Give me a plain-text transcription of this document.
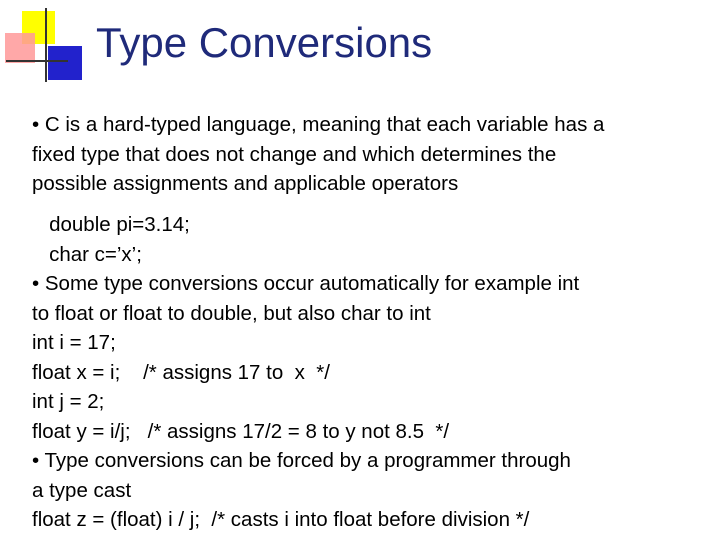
Type Conversions
• C is a hard-typed language, meaning that each variable has a
fixed type that does not change and which determines the
possible assignments and applicable operators
double pi=3.14;
char c=’x’;
• Some type conversions occur automatically for example int
to float or float to double, but also char to int
int i = 17;
float x = i;    /* assigns 17 to  x  */
int j = 2;
float y = i/j;   /* assigns 17/2 = 8 to y not 8.5  */
• Type conversions can be forced by a programmer through
a type cast
float z = (float) i / j;  /* casts i into float before division */
